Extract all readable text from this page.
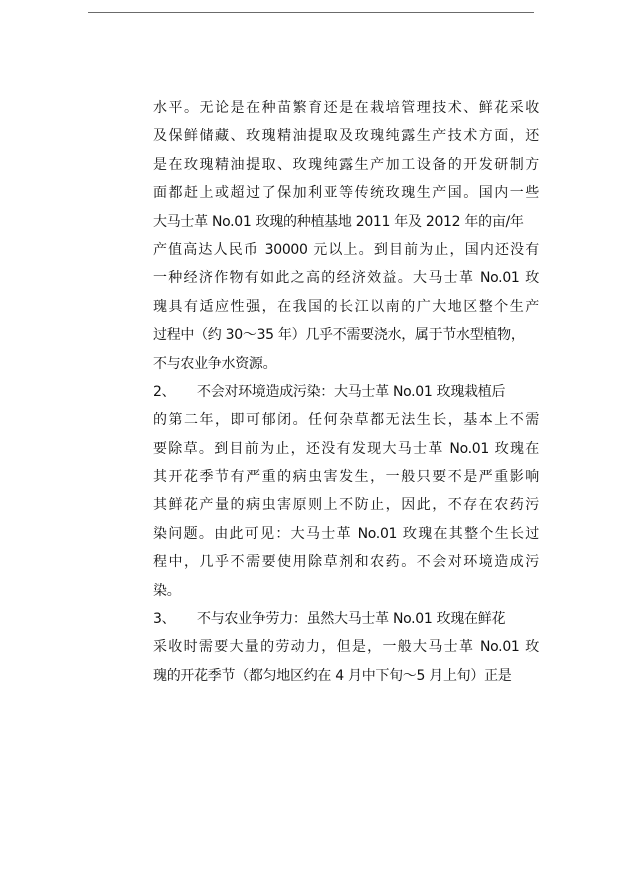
水平。无论是在种苗繁育还是在栽培管理技术、鲜花采收
及保鲜储藏、玫瑰精油提取及玫瑰纯露生产技术方面，还
是在玫瑰精油提取、玫瑰纯露生产加工设备的开发研制方
面都赶上或超过了保加利亚等传统玫瑰生产国。国内一些
大马士革 No.01 玫瑰的种植基地 2011 年及 2012 年的亩/年
产值高达人民币 30000 元以上。到目前为止，国内还没有
一种经济作物有如此之高的经济效益。大马士革 No.01 玫
瑰具有适应性强，在我国的长江以南的广大地区整个生产
过程中（约 30～35 年）几乎不需要浇水，属于节水型植物，
不与农业争水资源。
2、 不会对环境造成污染：大马士革 No.01 玫瑰栽植后
的第二年，即可郁闭。任何杂草都无法生长，基本上不需
要除草。到目前为止，还没有发现大马士革 No.01 玫瑰在
其开花季节有严重的病虫害发生，一般只要不是严重影响
其鲜花产量的病虫害原则上不防止，因此，不存在农药污
染问题。由此可见：大马士革 No.01 玫瑰在其整个生长过
程中，几乎不需要使用除草剂和农药。不会对环境造成污
染。
3、 不与农业争劳力：虽然大马士革 No.01 玫瑰在鲜花
采收时需要大量的劳动力，但是，一般大马士革 No.01 玫
瑰的开花季节（都匀地区约在 4 月中下旬～5 月上旬）正是
